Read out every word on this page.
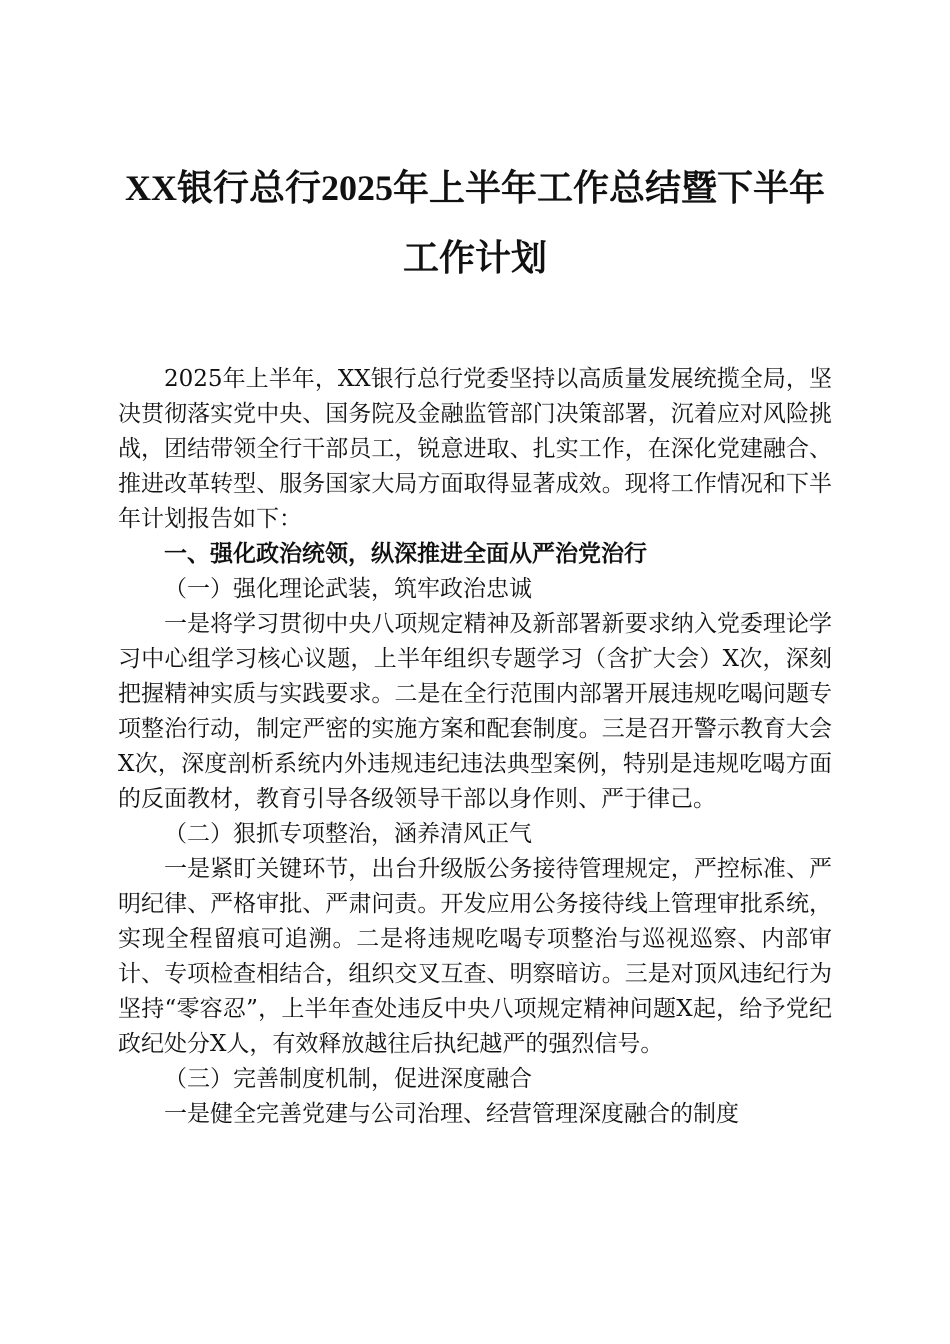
XX银行总行2025年上半年工作总结暨下半年
工作计划

2025年上半年，XX银行总行党委坚持以高质量发展统揽全局，坚决贯彻落实党中央、国务院及金融监管部门决策部署，沉着应对风险挑战，团结带领全行干部员工，锐意进取、扎实工作，在深化党建融合、推进改革转型、服务国家大局方面取得显著成效。现将工作情况和下半年计划报告如下：

一、强化政治统领，纵深推进全面从严治党治行

（一）强化理论武装，筑牢政治忠诚

一是将学习贯彻中央八项规定精神及新部署新要求纳入党委理论学习中心组学习核心议题，上半年组织专题学习（含扩大会）X次，深刻把握精神实质与实践要求。二是在全行范围内部署开展违规吃喝问题专项整治行动，制定严密的实施方案和配套制度。三是召开警示教育大会X次，深度剖析系统内外违规违纪违法典型案例，特别是违规吃喝方面的反面教材，教育引导各级领导干部以身作则、严于律己。

（二）狠抓专项整治，涵养清风正气

一是紧盯关键环节，出台升级版公务接待管理规定，严控标准、严明纪律、严格审批、严肃问责。开发应用公务接待线上管理审批系统，实现全程留痕可追溯。二是将违规吃喝专项整治与巡视巡察、内部审计、专项检查相结合，组织交叉互查、明察暗访。三是对顶风违纪行为坚持“零容忍”，上半年查处违反中央八项规定精神问题X起，给予党纪政纪处分X人，有效释放越往后执纪越严的强烈信号。

（三）完善制度机制，促进深度融合

一是健全完善党建与公司治理、经营管理深度融合的制度
